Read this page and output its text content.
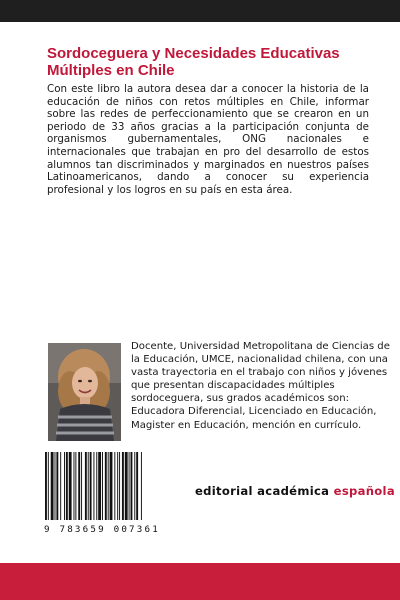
Sordoceguera y Necesidades Educativas
Múltiples en Chile
Con este libro la autora desea dar a conocer la historia de la educación de niños con retos múltiples en Chile, informar sobre las redes de perfeccionamiento que se crearon en un periodo de 33 años gracias a la participación conjunta de organismos gubernamentales, ONG nacionales e internacionales que trabajan en pro del desarrollo de estos alumnos tan discriminados y marginados en nuestros países Latinoamericanos, dando a conocer su experiencia profesional y los logros en su país en esta área.
Docente, Universidad Metropolitana de Ciencias de
la Educación, UMCE, nacionalidad chilena, con una
vasta trayectoria en el trabajo con niños y jóvenes
que presentan discapacidades múltiples
sordoceguera, sus grados académicos son:
Educadora Diferencial, Licenciado en Educación,
Magister en Educación, mención en currículo.
9 783659 007361
editorial académica española
